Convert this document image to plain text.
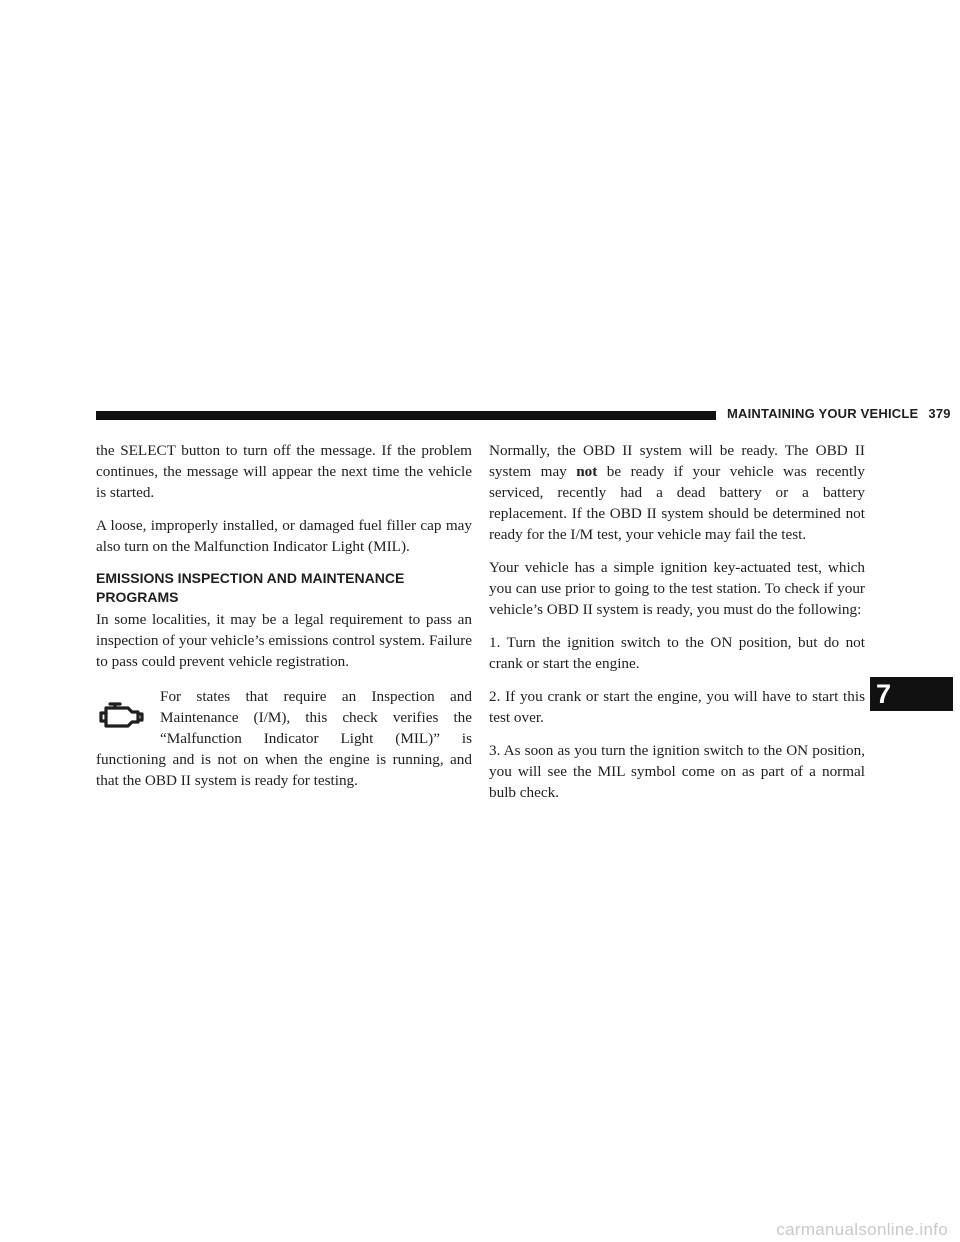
MAINTAINING YOUR VEHICLE 379

the SELECT button to turn off the message. If the problem continues, the message will appear the next time the vehicle is started.

A loose, improperly installed, or damaged fuel filler cap may also turn on the Malfunction Indicator Light (MIL).

EMISSIONS INSPECTION AND MAINTENANCE PROGRAMS

In some localities, it may be a legal requirement to pass an inspection of your vehicle’s emissions control system. Failure to pass could prevent vehicle registration.

For states that require an Inspection and Maintenance (I/M), this check verifies the “Malfunction Indicator Light (MIL)” is functioning and is not on when the engine is running, and that the OBD II system is ready for testing.

Normally, the OBD II system will be ready. The OBD II system may not be ready if your vehicle was recently serviced, recently had a dead battery or a battery replacement. If the OBD II system should be determined not ready for the I/M test, your vehicle may fail the test.

Your vehicle has a simple ignition key-actuated test, which you can use prior to going to the test station. To check if your vehicle’s OBD II system is ready, you must do the following:

1. Turn the ignition switch to the ON position, but do not crank or start the engine.

2. If you crank or start the engine, you will have to start this test over.

3. As soon as you turn the ignition switch to the ON position, you will see the MIL symbol come on as part of a normal bulb check.

7
carmanualsonline.info
